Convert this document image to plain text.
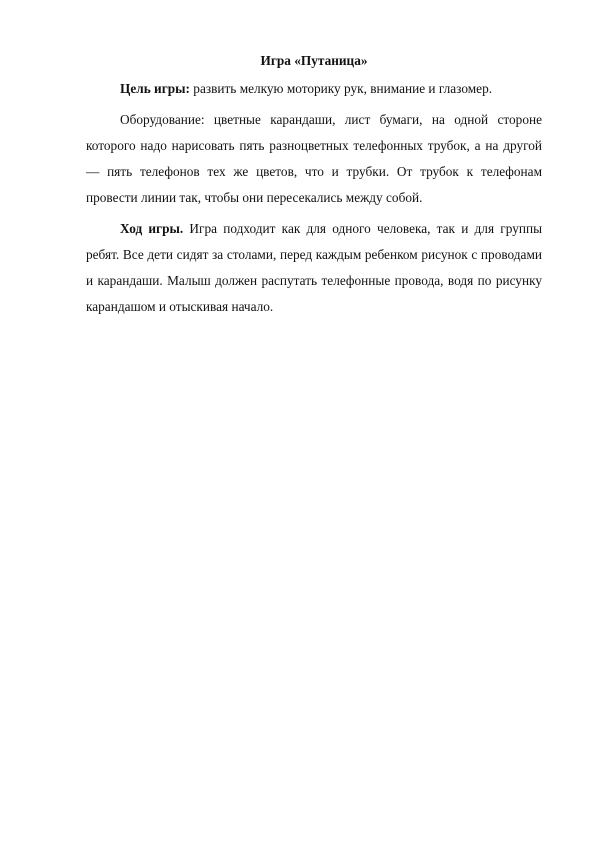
Игра «Путаница»

Цель игры: развить мелкую моторику рук, внимание и глазомер.

Оборудование: цветные карандаши, лист бумаги, на одной стороне которого надо нарисовать пять разноцветных телефонных трубок, а на другой — пять телефонов тех же цветов, что и трубки. От трубок к телефонам провести линии так, чтобы они пересекались между собой.

Ход игры. Игра подходит как для одного человека, так и для группы ребят. Все дети сидят за столами, перед каждым ребенком рисунок с проводами и карандаши. Малыш должен распутать телефонные провода, водя по рисунку карандашом и отыскивая начало.
